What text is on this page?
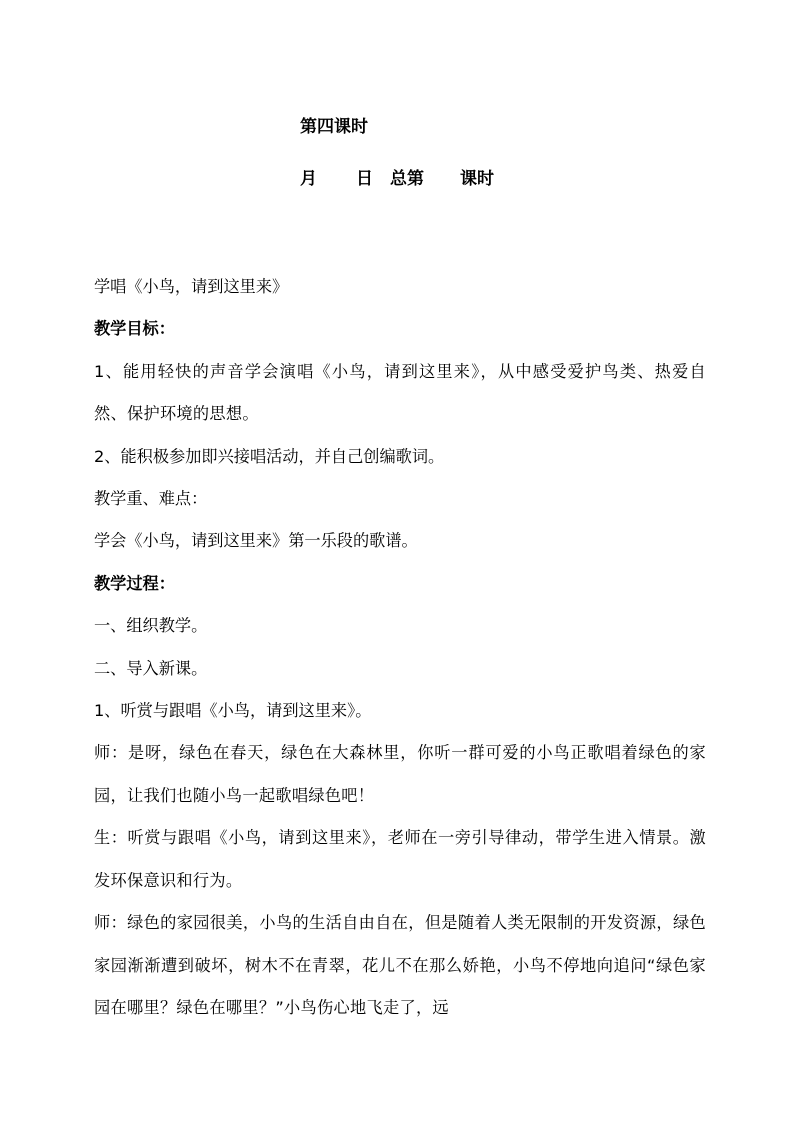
第四课时
月	日	总第	课时

学唱《小鸟，请到这里来》

教学目标：

1、能用轻快的声音学会演唱《小鸟，请到这里来》，从中感受爱护鸟类、热爱自然、保护环境的思想。

2、能积极参加即兴接唱活动，并自己创编歌词。

教学重、难点：

学会《小鸟，请到这里来》第一乐段的歌谱。

教学过程：

一、组织教学。

二、导入新课。

1、听赏与跟唱《小鸟，请到这里来》。

师：是呀，绿色在春天，绿色在大森林里，你听一群可爱的小鸟正歌唱着绿色的家园，让我们也随小鸟一起歌唱绿色吧！

生：听赏与跟唱《小鸟，请到这里来》，老师在一旁引导律动，带学生进入情景。激发环保意识和行为。

师：绿色的家园很美，小鸟的生活自由自在，但是随着人类无限制的开发资源，绿色家园渐渐遭到破坏，树木不在青翠，花儿不在那么娇艳，小鸟不停地向追问“绿色家园在哪里？绿色在哪里？”小鸟伤心地飞走了，远
